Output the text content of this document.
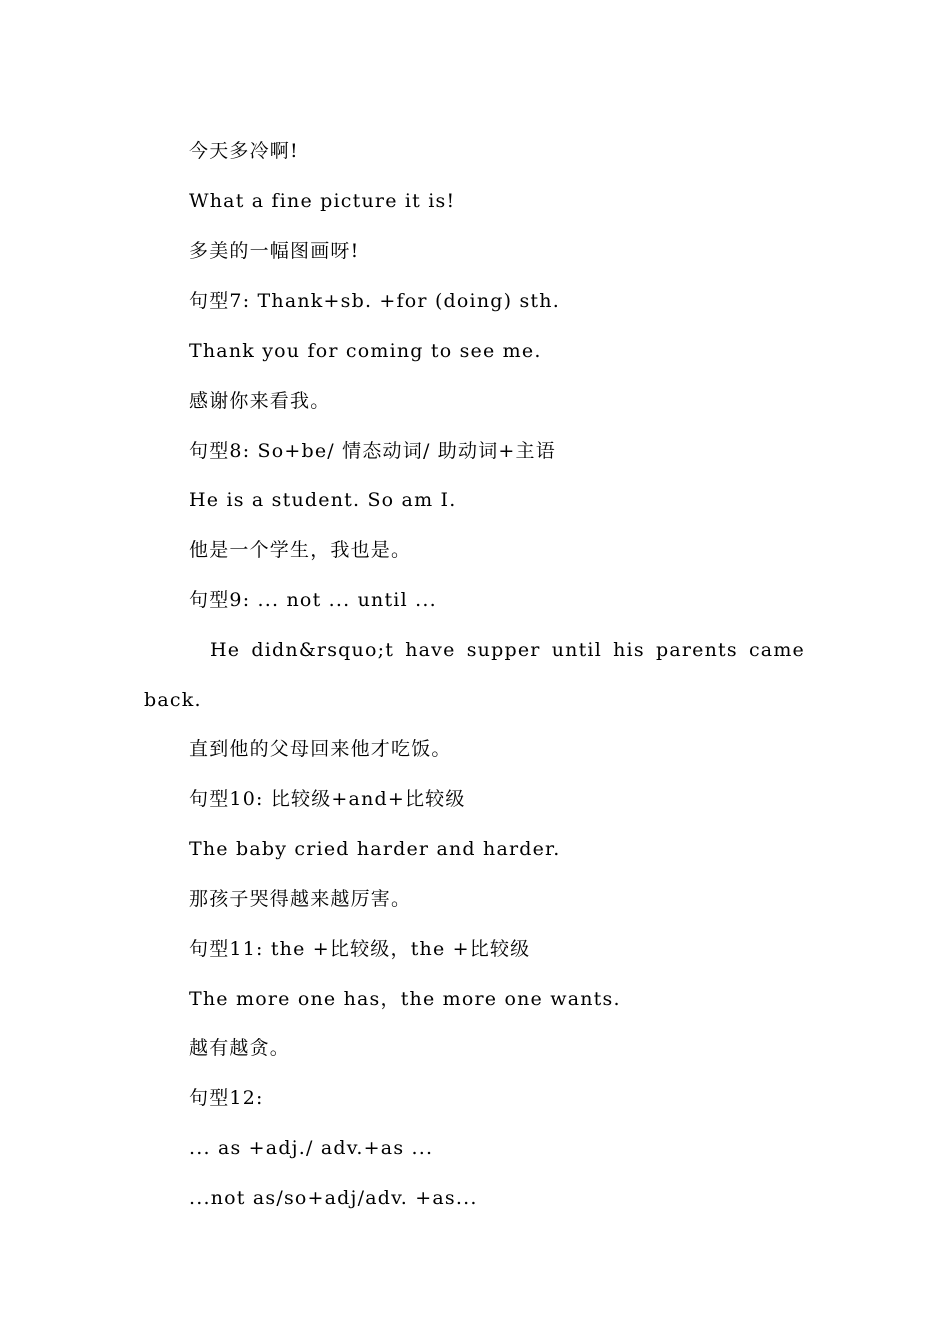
今天多冷啊!
What a fine picture it is!
多美的一幅图画呀!
句型7: Thank+sb. +for (doing) sth.
Thank you for coming to see me.
感谢你来看我。
句型8: So+be/ 情态动词/ 助动词+主语
He is a student. So am I.
他是一个学生，我也是。
句型9: ... not ... until ...
He didn&rsquo;t have supper until his parents came
back.
直到他的父母回来他才吃饭。
句型10: 比较级+and+比较级
The baby cried harder and harder.
那孩子哭得越来越厉害。
句型11: the +比较级，the +比较级
The more one has，the more one wants.
越有越贪。
句型12:
... as +adj./ adv.+as ...
...not as/so+adj/adv. +as...
